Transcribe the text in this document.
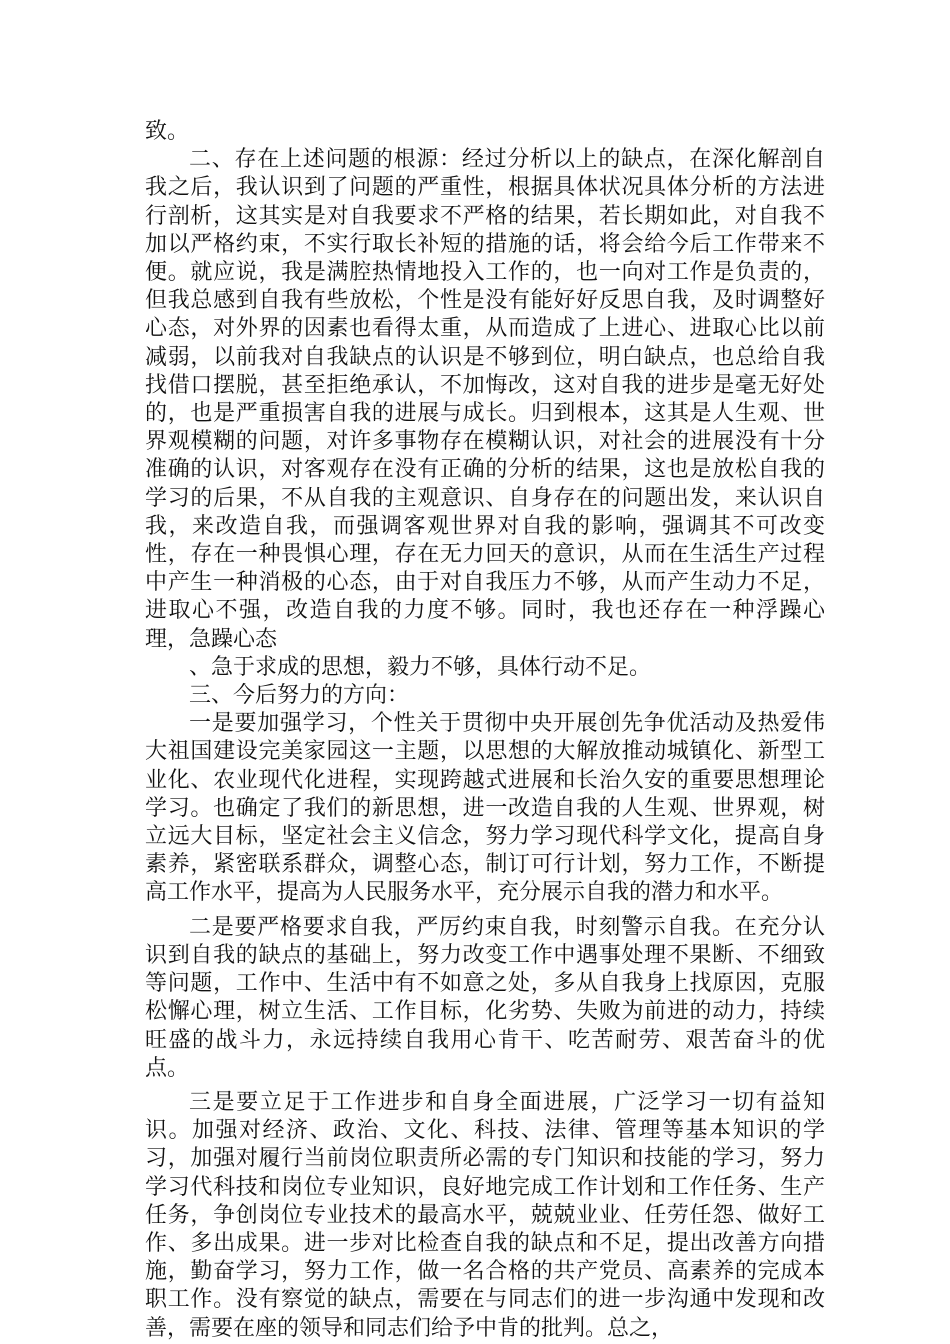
致。

二、存在上述问题的根源：经过分析以上的缺点，在深化解剖自我之后，我认识到了问题的严重性，根据具体状况具体分析的方法进行剖析，这其实是对自我要求不严格的结果，若长期如此，对自我不加以严格约束，不实行取长补短的措施的话，将会给今后工作带来不便。就应说，我是满腔热情地投入工作的，也一向对工作是负责的，但我总感到自我有些放松，个性是没有能好好反思自我，及时调整好心态，对外界的因素也看得太重，从而造成了上进心、进取心比以前减弱，以前我对自我缺点的认识是不够到位，明白缺点，也总给自我找借口摆脱，甚至拒绝承认，不加悔改，这对自我的进步是毫无好处的，也是严重损害自我的进展与成长。归到根本，这其是人生观、世界观模糊的问题，对许多事物存在模糊认识，对社会的进展没有十分准确的认识，对客观存在没有正确的分析的结果，这也是放松自我的学习的后果，不从自我的主观意识、自身存在的问题出发，来认识自我，来改造自我，而强调客观世界对自我的影响，强调其不可改变性，存在一种畏惧心理，存在无力回天的意识，从而在生活生产过程中产生一种消极的心态，由于对自我压力不够，从而产生动力不足，进取心不强，改造自我的力度不够。同时，我也还存在一种浮躁心理，急躁心态

、急于求成的思想，毅力不够，具体行动不足。

三、今后努力的方向：

一是要加强学习，个性关于贯彻中央开展创先争优活动及热爱伟大祖国建设完美家园这一主题，以思想的大解放推动城镇化、新型工业化、农业现代化进程，实现跨越式进展和长治久安的重要思想理论学习。也确定了我们的新思想，进一改造自我的人生观、世界观，树立远大目标，坚定社会主义信念，努力学习现代科学文化，提高自身素养，紧密联系群众，调整心态，制订可行计划，努力工作，不断提高工作水平，提高为人民服务水平，充分展示自我的潜力和水平。

二是要严格要求自我，严厉约束自我，时刻警示自我。在充分认识到自我的缺点的基础上，努力改变工作中遇事处理不果断、不细致等问题，工作中、生活中有不如意之处，多从自我身上找原因，克服松懈心理，树立生活、工作目标，化劣势、失败为前进的动力，持续旺盛的战斗力，永远持续自我用心肯干、吃苦耐劳、艰苦奋斗的优点。

三是要立足于工作进步和自身全面进展，广泛学习一切有益知识。加强对经济、政治、文化、科技、法律、管理等基本知识的学习，加强对履行当前岗位职责所必需的专门知识和技能的学习，努力学习代科技和岗位专业知识，良好地完成工作计划和工作任务、生产任务，争创岗位专业技术的最高水平，兢兢业业、任劳任怨、做好工作、多出成果。进一步对比检查自我的缺点和不足，提出改善方向措施，勤奋学习，努力工作，做一名合格的共产党员、高素养的完成本职工作。没有察觉的缺点，需要在与同志们的进一步沟通中发现和改善，需要在座的领导和同志们给予中肯的批判。总之，
